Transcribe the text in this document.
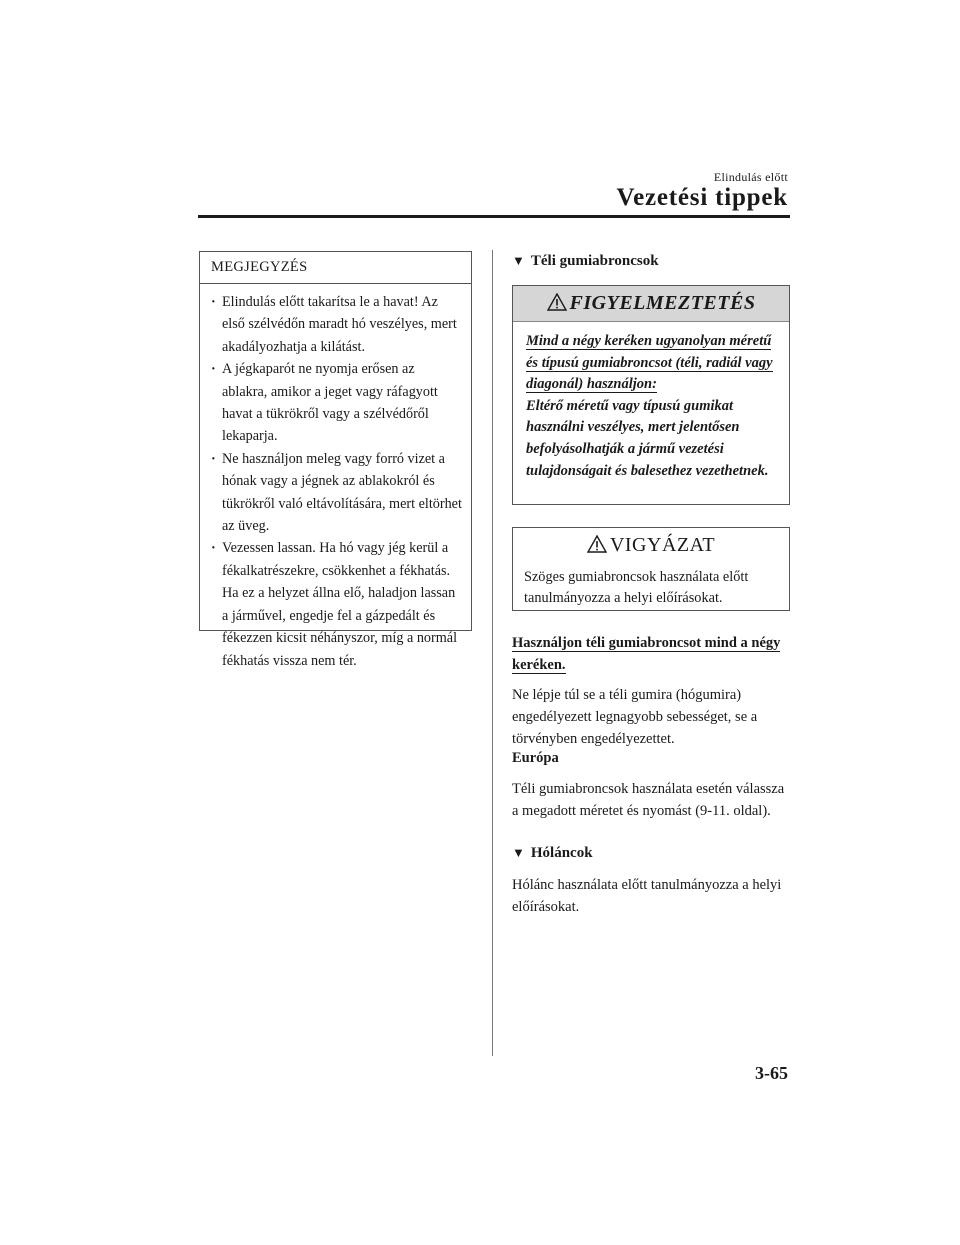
Elindulás előtt
Vezetési tippek
MEGJEGYZÉS
· Elindulás előtt takarítsa le a havat! Az első szélvédőn maradt hó veszélyes, mert akadályozhatja a kilátást.
· A jégkaparót ne nyomja erősen az ablakra, amikor a jeget vagy ráfagyott havat a tükrökről vagy a szélvédőről lekaparja.
· Ne használjon meleg vagy forró vizet a hónak vagy a jégnek az ablakokról és tükrökről való eltávolítására, mert eltörhet az üveg.
· Vezessen lassan. Ha hó vagy jég kerül a fékalkatrészekre, csökkenhet a fékhatás. Ha ez a helyzet állna elő, haladjon lassan a járművel, engedje fel a gázpedált és fékezzen kicsit néhányszor, míg a normál fékhatás vissza nem tér.
▼ Téli gumiabroncsok
FIGYELMEZTETÉS
Mind a négy keréken ugyanolyan méretű és típusú gumiabroncsot (téli, radiál vagy diagonál) használjon:
Eltérő méretű vagy típusú gumikat használni veszélyes, mert jelentősen befolyásolhatják a jármű vezetési tulajdonságait és balesethez vezethetnek.
VIGYÁZAT
Szöges gumiabroncsok használata előtt tanulmányozza a helyi előírásokat.
Használjon téli gumiabroncsot mind a négy keréken.
Ne lépje túl se a téli gumira (hógumira) engedélyezett legnagyobb sebességet, se a törvényben engedélyezettet.
Európa
Téli gumiabroncsok használata esetén válassza a megadott méretet és nyomást (9-11. oldal).
▼ Hóláncok
Hólánc használata előtt tanulmányozza a helyi előírásokat.
3-65
